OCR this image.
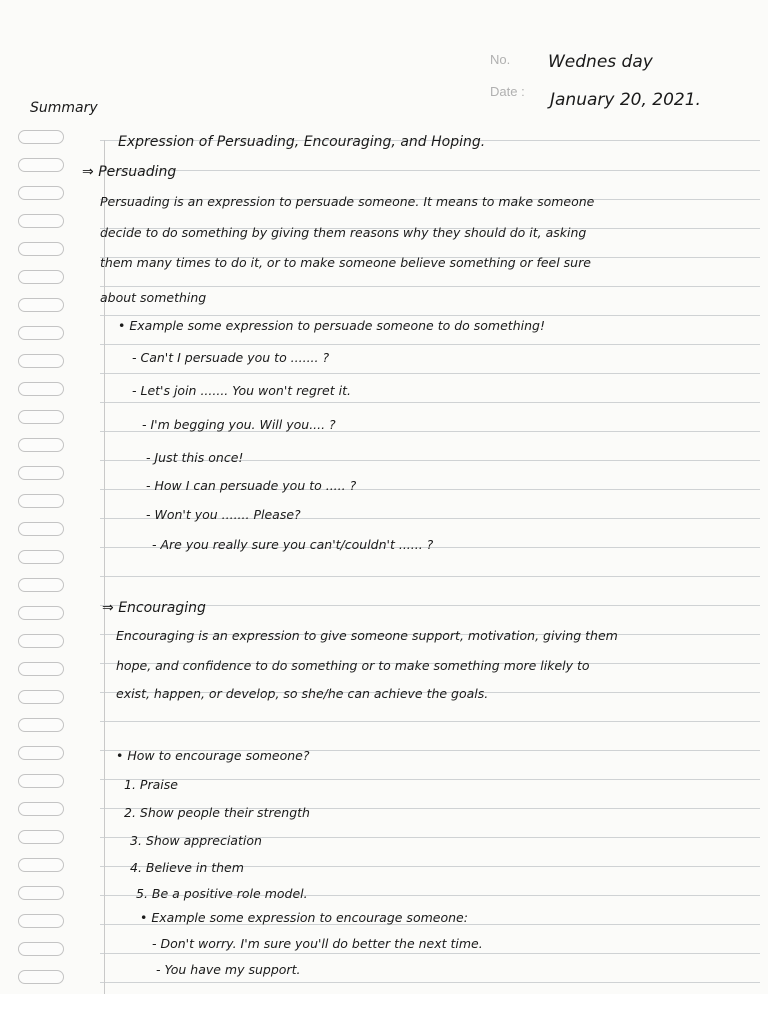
No.
Date :
Wednes day
January 20, 2021.
Summary
Expression of Persuading, Encouraging, and Hoping.
⇒ Persuading
Persuading is an expression to persuade someone. It means to make someone
decide to do something by giving them reasons why they should do it, asking
them many times to do it, or to make someone believe something or feel sure
about something
• Example some expression to persuade someone to do something!
- Can't I persuade you to ....... ?
- Let's join ....... You won't regret it.
- I'm begging you. Will you.... ?
- Just this once!
- How I can persuade you to ..... ?
- Won't you ....... Please?
- Are you really sure you can't/couldn't ...... ?
⇒ Encouraging
Encouraging is an expression to give someone support, motivation, giving them
hope, and confidence to do something or to make something more likely to
exist, happen, or develop, so she/he can achieve the goals.
• How to encourage someone?
1. Praise
2. Show people their strength
3. Show appreciation
4. Believe in them
5. Be a positive role model.
• Example some expression to encourage someone:
- Don't worry. I'm sure you'll do better the next time.
- You have my support.
